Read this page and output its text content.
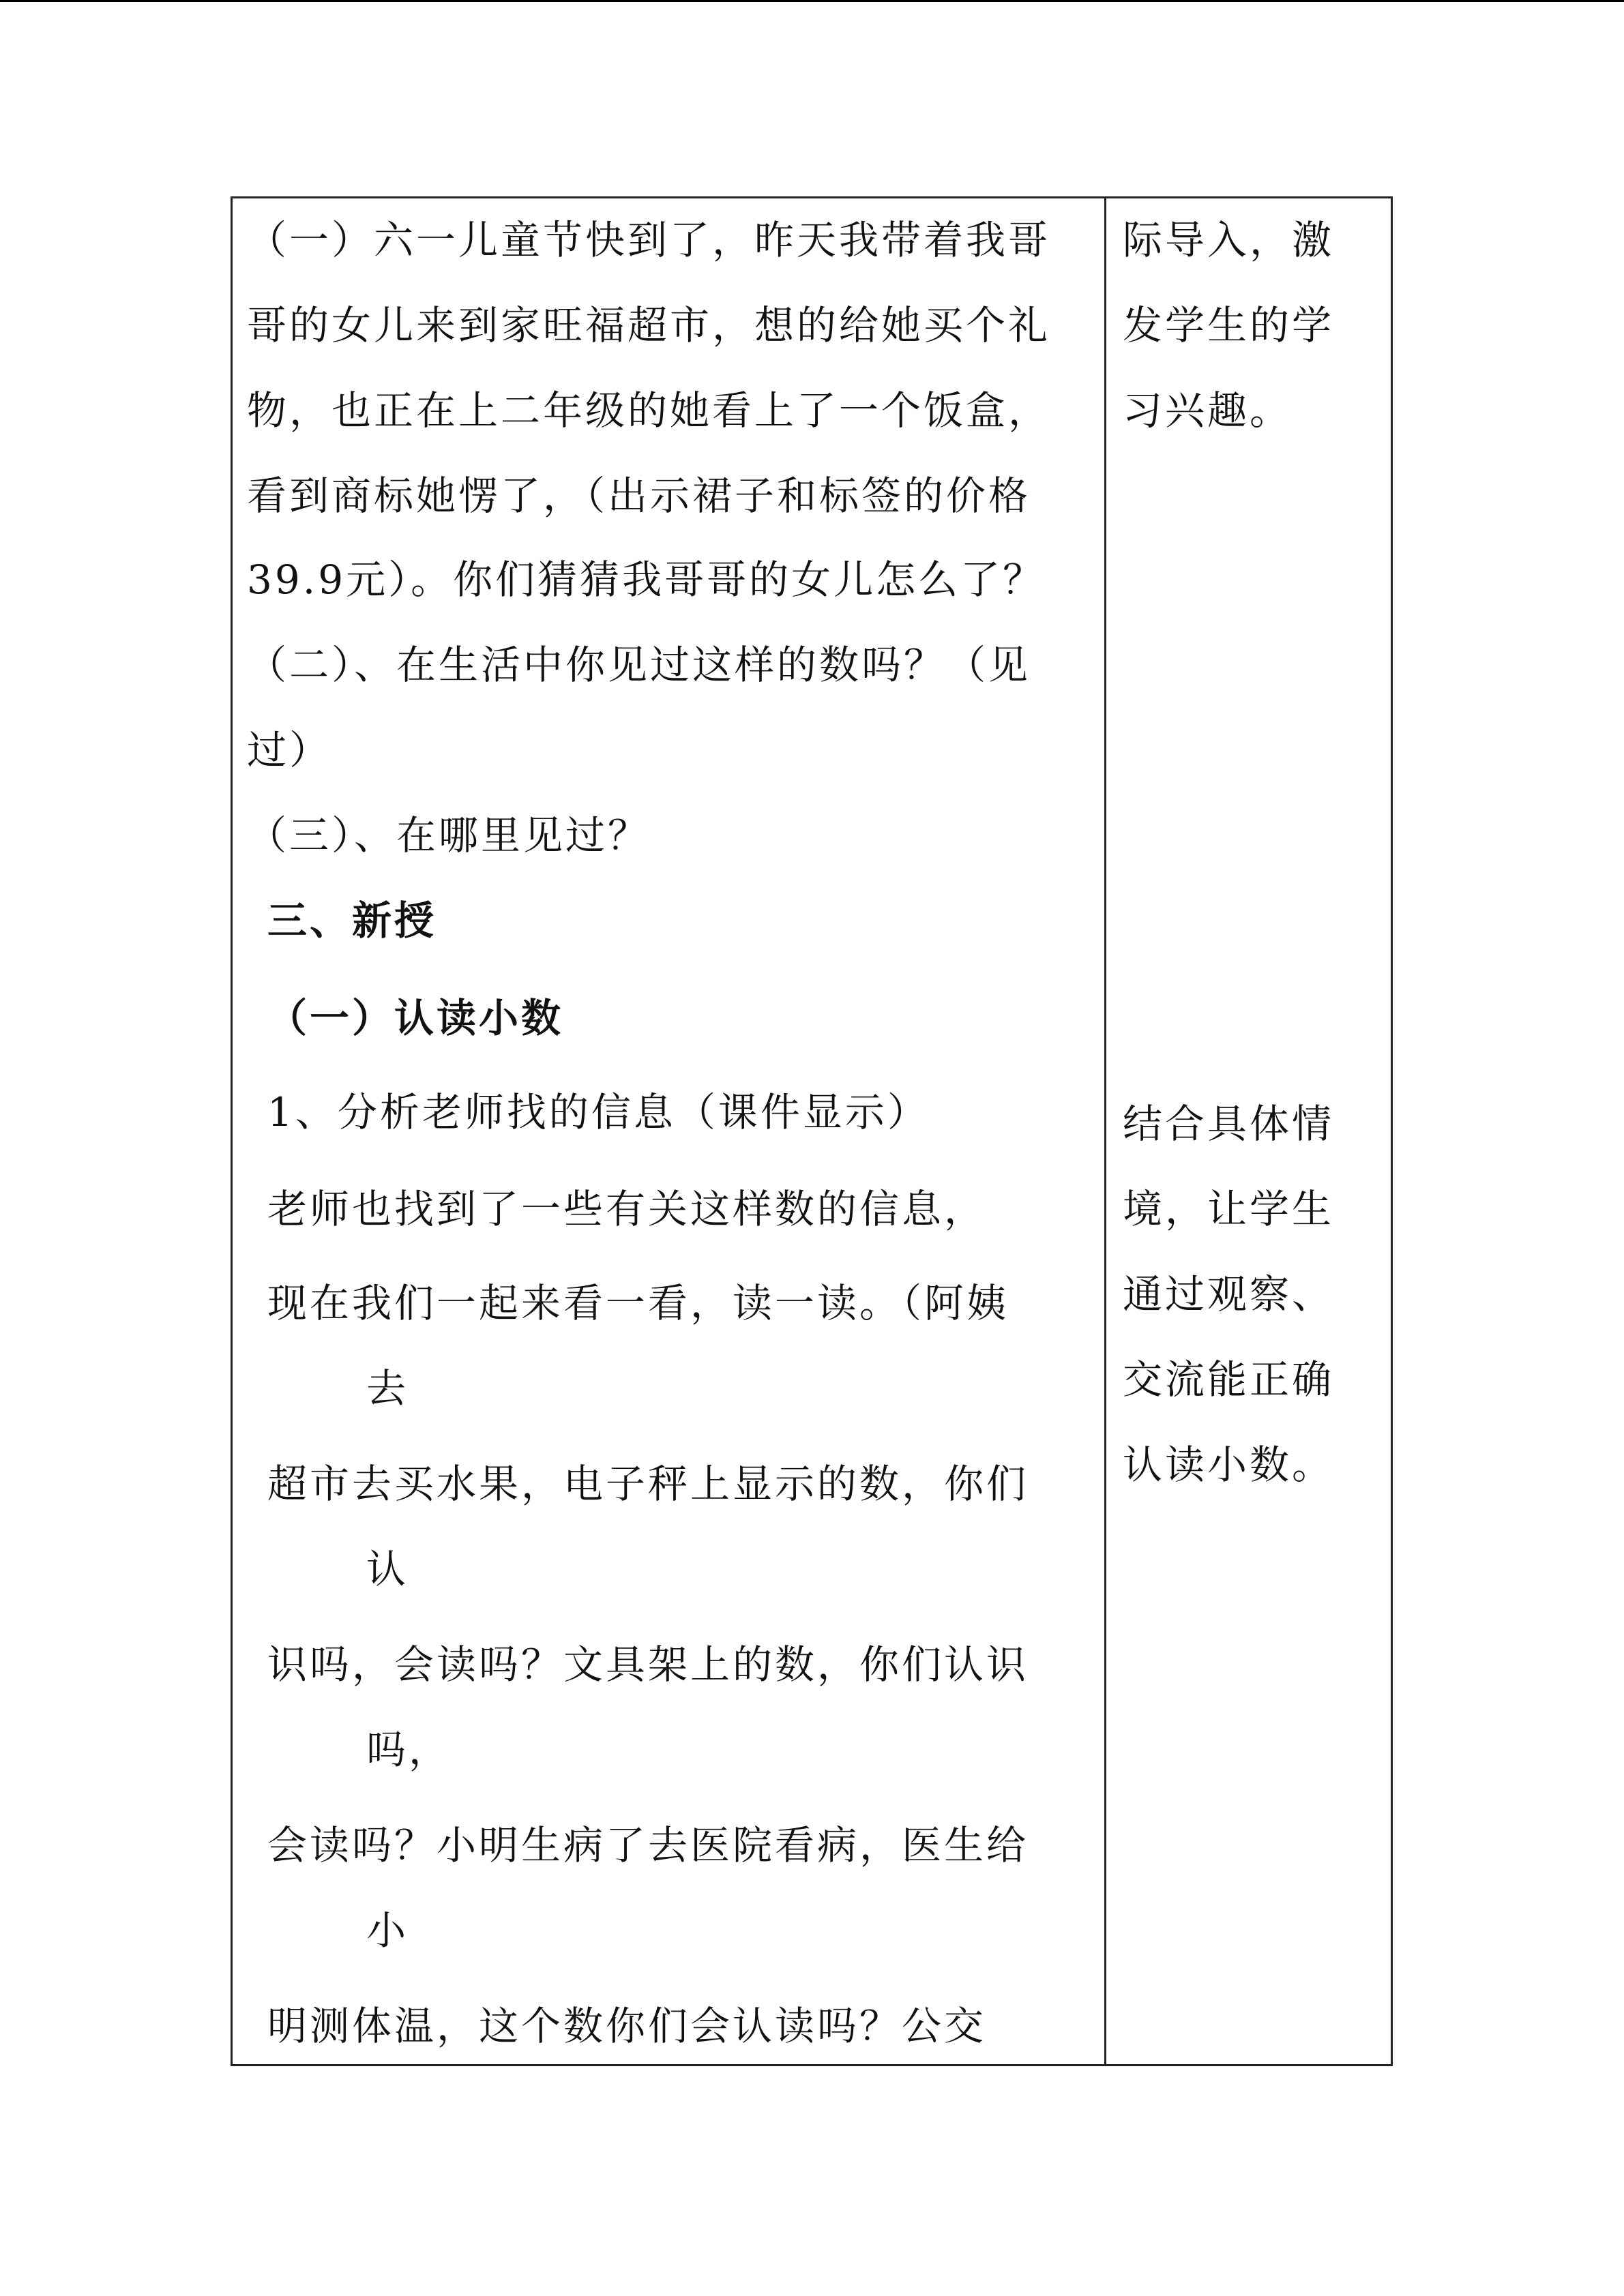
（一）六一儿童节快到了，昨天我带着我哥
哥的女儿来到家旺福超市，想的给她买个礼
物，也正在上二年级的她看上了一个饭盒，
看到商标她愣了，（出示裙子和标签的价格
39.9元）。你们猜猜我哥哥的女儿怎么了？
（二）、在生活中你见过这样的数吗？（见
过）
（三）、在哪里见过？
三、新授
（一）认读小数
1、分析老师找的信息（课件显示）
老师也找到了一些有关这样数的信息，
现在我们一起来看一看，读一读。（阿姨
去
超市去买水果，电子秤上显示的数，你们
认
识吗，会读吗？文具架上的数，你们认识
吗，
会读吗？小明生病了去医院看病，医生给
小
明测体温，这个数你们会认读吗？公交
际导入，激
发学生的学
习兴趣。
结合具体情
境，让学生
通过观察、
交流能正确
认读小数。
